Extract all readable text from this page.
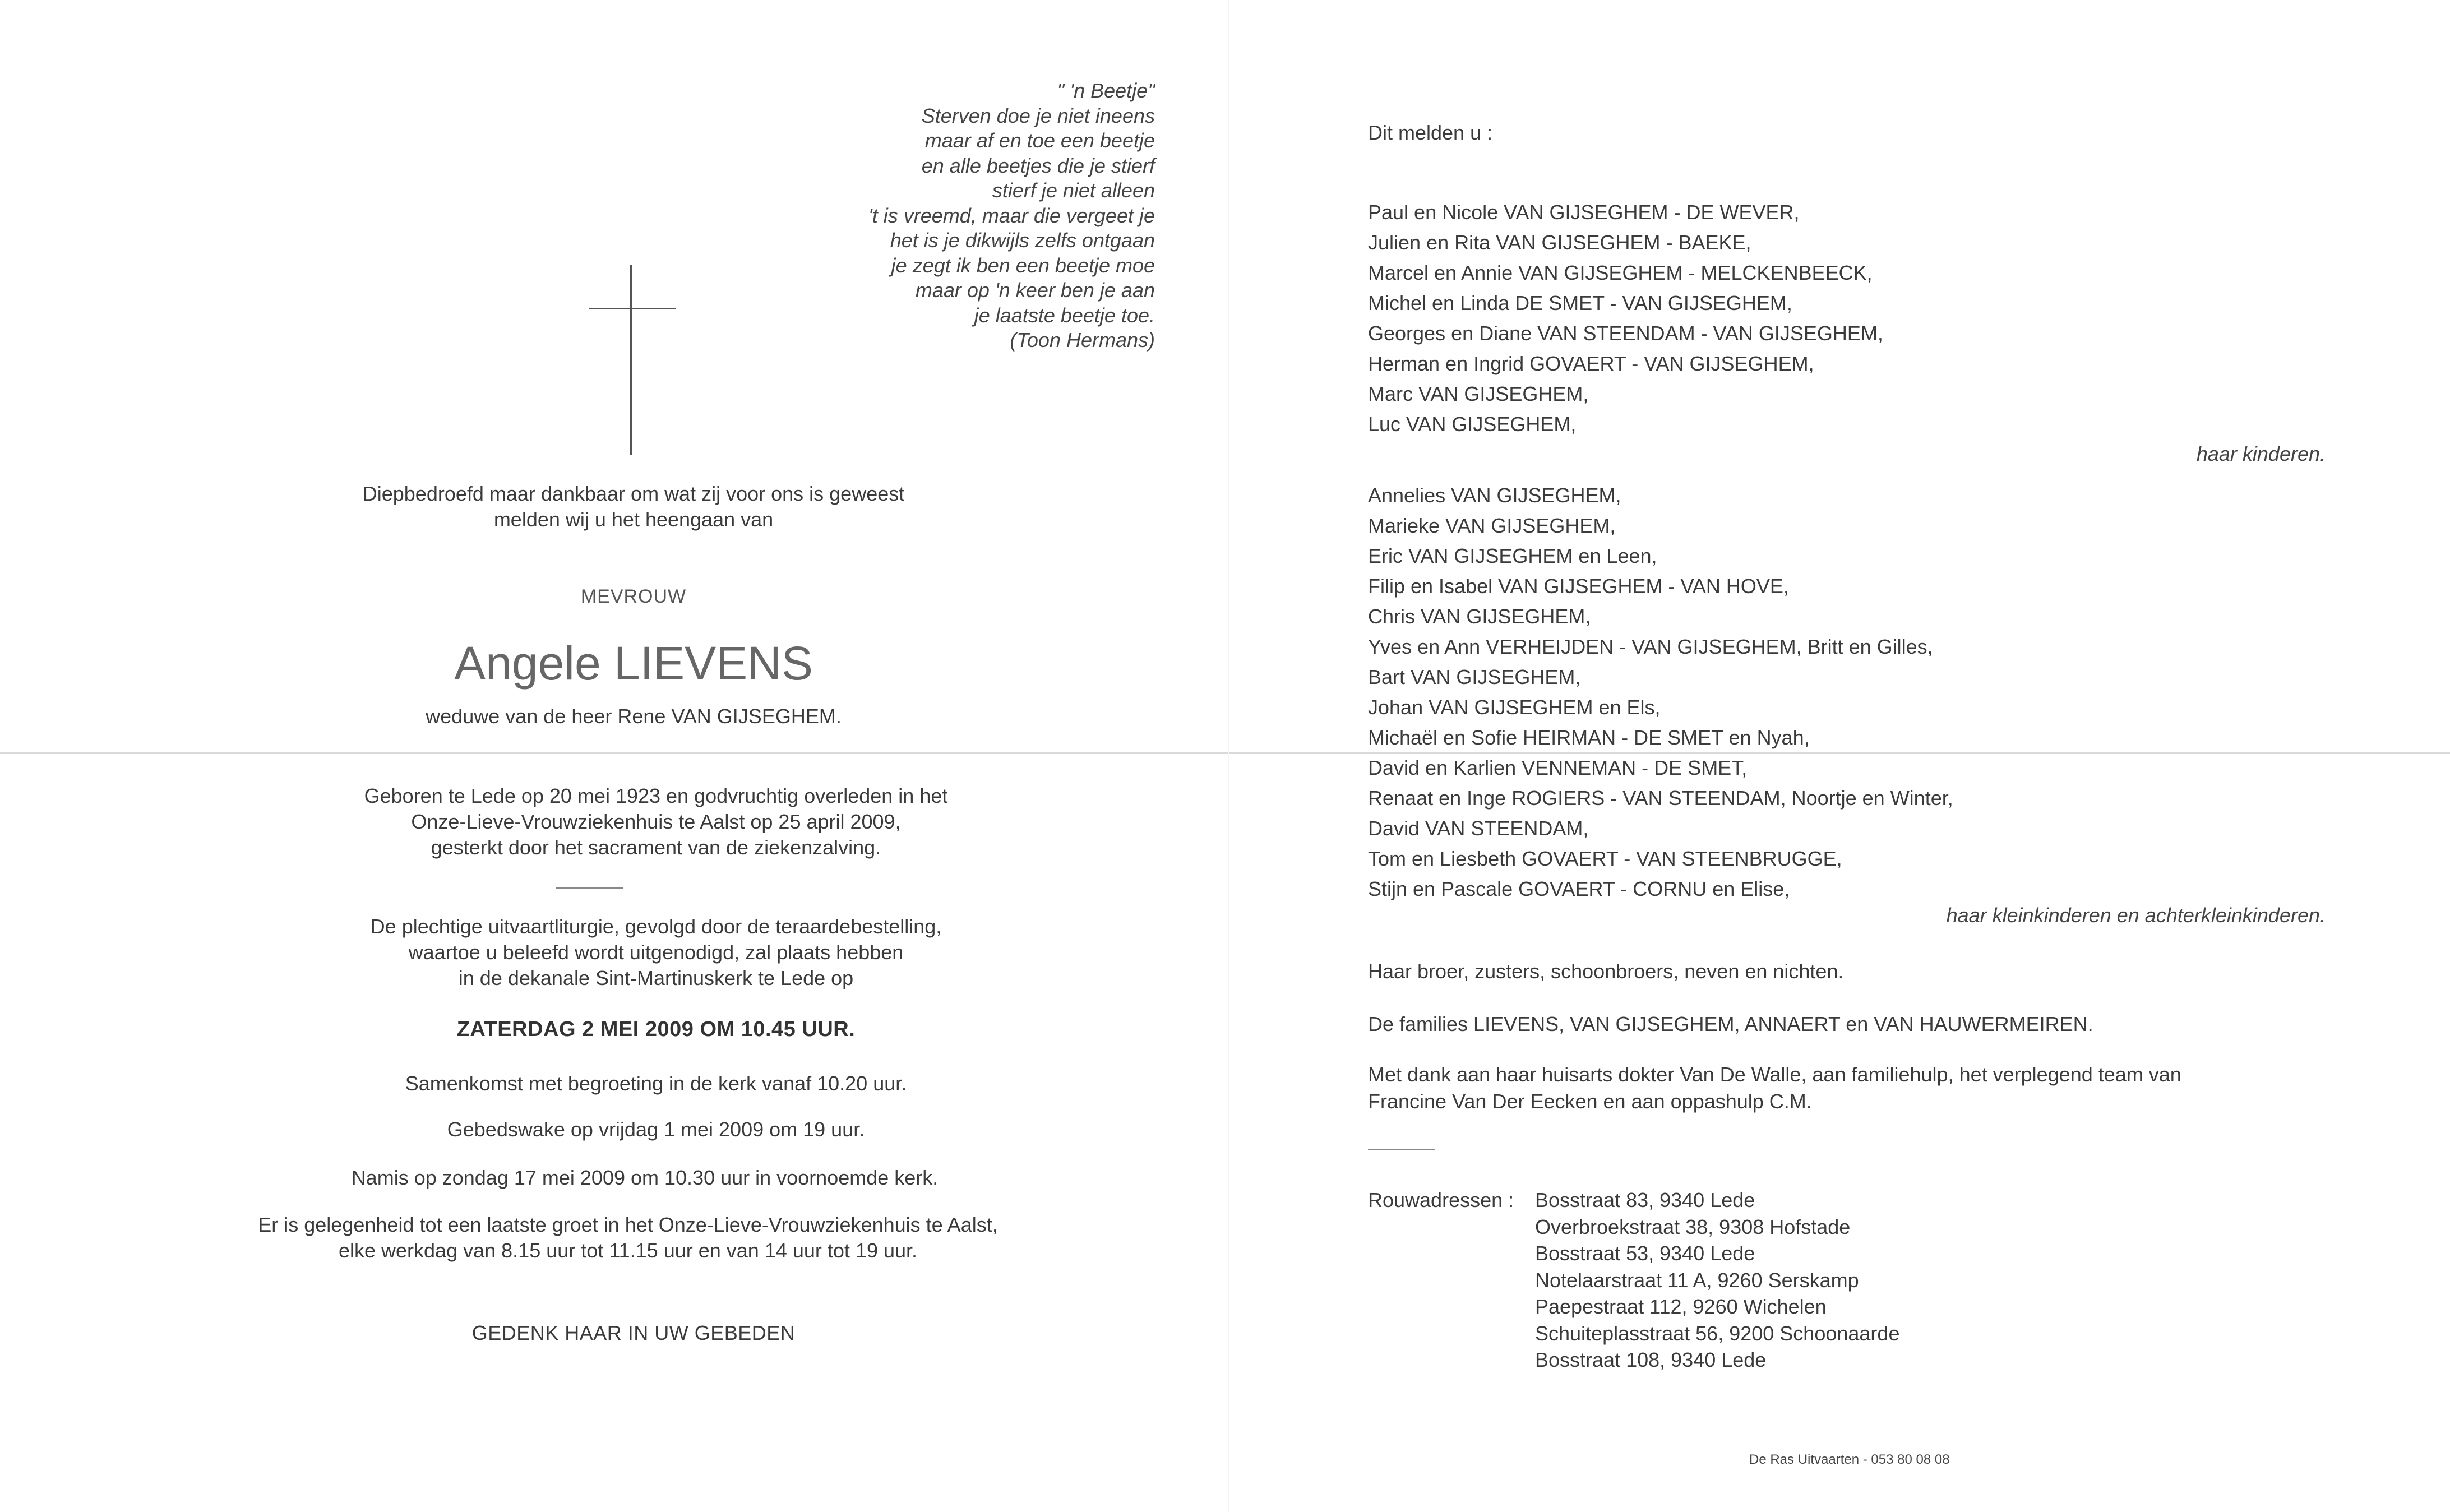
" 'n Beetje"
Sterven doe je niet ineens
maar af en toe een beetje
en alle beetjes die je stierf
stierf je niet alleen
't is vreemd, maar die vergeet je
het is je dikwijls zelfs ontgaan
je zegt ik ben een beetje moe
maar op 'n keer ben je aan
je laatste beetje toe.
(Toon Hermans)
Diepbedroefd maar dankbaar om wat zij voor ons is geweest
melden wij u het heengaan van
MEVROUW
Angele LIEVENS
weduwe van de heer Rene VAN GIJSEGHEM.
Geboren te Lede op 20 mei 1923 en godvruchtig overleden in het
Onze-Lieve-Vrouwziekenhuis te Aalst op 25 april 2009,
gesterkt door het sacrament van de ziekenzalving.
De plechtige uitvaartliturgie, gevolgd door de teraardebestelling,
waartoe u beleefd wordt uitgenodigd, zal plaats hebben
in de dekanale Sint-Martinuskerk te Lede op
ZATERDAG 2 MEI 2009 OM 10.45 UUR.
Samenkomst met begroeting in de kerk vanaf 10.20 uur.
Gebedswake op vrijdag 1 mei 2009 om 19 uur.
Namis op zondag 17 mei 2009 om 10.30 uur in voornoemde kerk.
Er is gelegenheid tot een laatste groet in het Onze-Lieve-Vrouwziekenhuis te Aalst,
elke werkdag van 8.15 uur tot 11.15 uur en van 14 uur tot 19 uur.
GEDENK HAAR IN UW GEBEDEN
Dit melden u :
Paul en Nicole VAN GIJSEGHEM - DE WEVER,
Julien en Rita VAN GIJSEGHEM - BAEKE,
Marcel en Annie VAN GIJSEGHEM - MELCKENBEECK,
Michel en Linda DE SMET - VAN GIJSEGHEM,
Georges en Diane VAN STEENDAM - VAN GIJSEGHEM,
Herman en Ingrid GOVAERT - VAN GIJSEGHEM,
Marc VAN GIJSEGHEM,
Luc VAN GIJSEGHEM,
haar kinderen.
Annelies VAN GIJSEGHEM,
Marieke VAN GIJSEGHEM,
Eric VAN GIJSEGHEM en Leen,
Filip en Isabel VAN GIJSEGHEM - VAN HOVE,
Chris VAN GIJSEGHEM,
Yves en Ann VERHEIJDEN - VAN GIJSEGHEM, Britt en Gilles,
Bart VAN GIJSEGHEM,
Johan VAN GIJSEGHEM en Els,
Michaël en Sofie HEIRMAN - DE SMET en Nyah,
David en Karlien VENNEMAN - DE SMET,
Renaat en Inge ROGIERS - VAN STEENDAM, Noortje en Winter,
David VAN STEENDAM,
Tom en Liesbeth GOVAERT - VAN STEENBRUGGE,
Stijn en Pascale GOVAERT - CORNU en Elise,
haar kleinkinderen en achterkleinkinderen.
Haar broer, zusters, schoonbroers, neven en nichten.
De families LIEVENS, VAN GIJSEGHEM, ANNAERT en VAN HAUWERMEIREN.
Met dank aan haar huisarts dokter Van De Walle, aan familiehulp, het verplegend team van
Francine Van Der Eecken en aan oppashulp C.M.
Rouwadressen : Bosstraat 83, 9340 Lede
Overbroekstraat 38, 9308 Hofstade
Bosstraat 53, 9340 Lede
Notelaarstraat 11 A, 9260 Serskamp
Paepestraat 112, 9260 Wichelen
Schuiteplasstraat 56, 9200 Schoonaarde
Bosstraat 108, 9340 Lede
De Ras Uitvaarten - 053 80 08 08
